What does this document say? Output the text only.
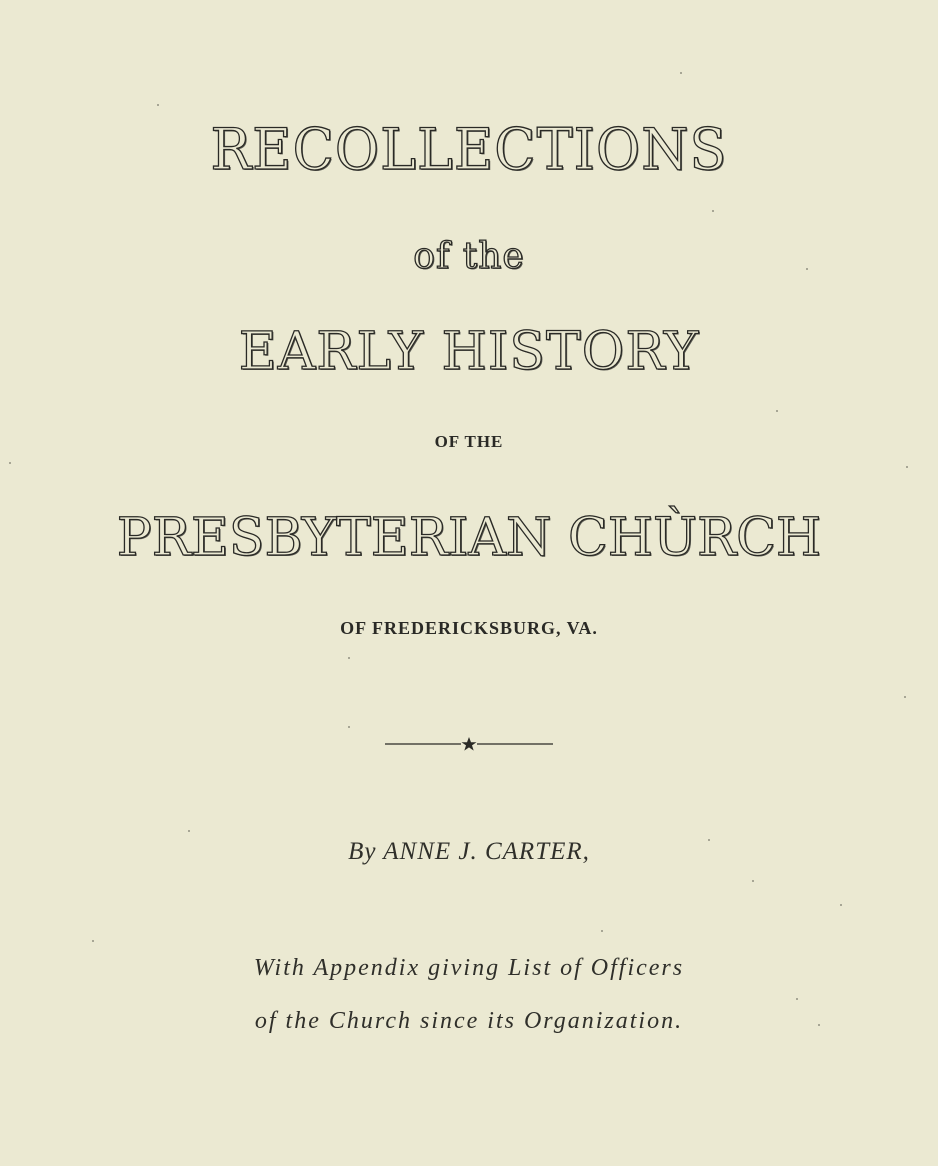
RECOLLECTIONS
of the
EARLY HISTORY
OF THE
PRESBYTERIAN CHÙRCH
OF FREDERICKSBURG, VA.
By ANNE J. CARTER,
With Appendix giving List of Officers
of the Church since its Organization.
